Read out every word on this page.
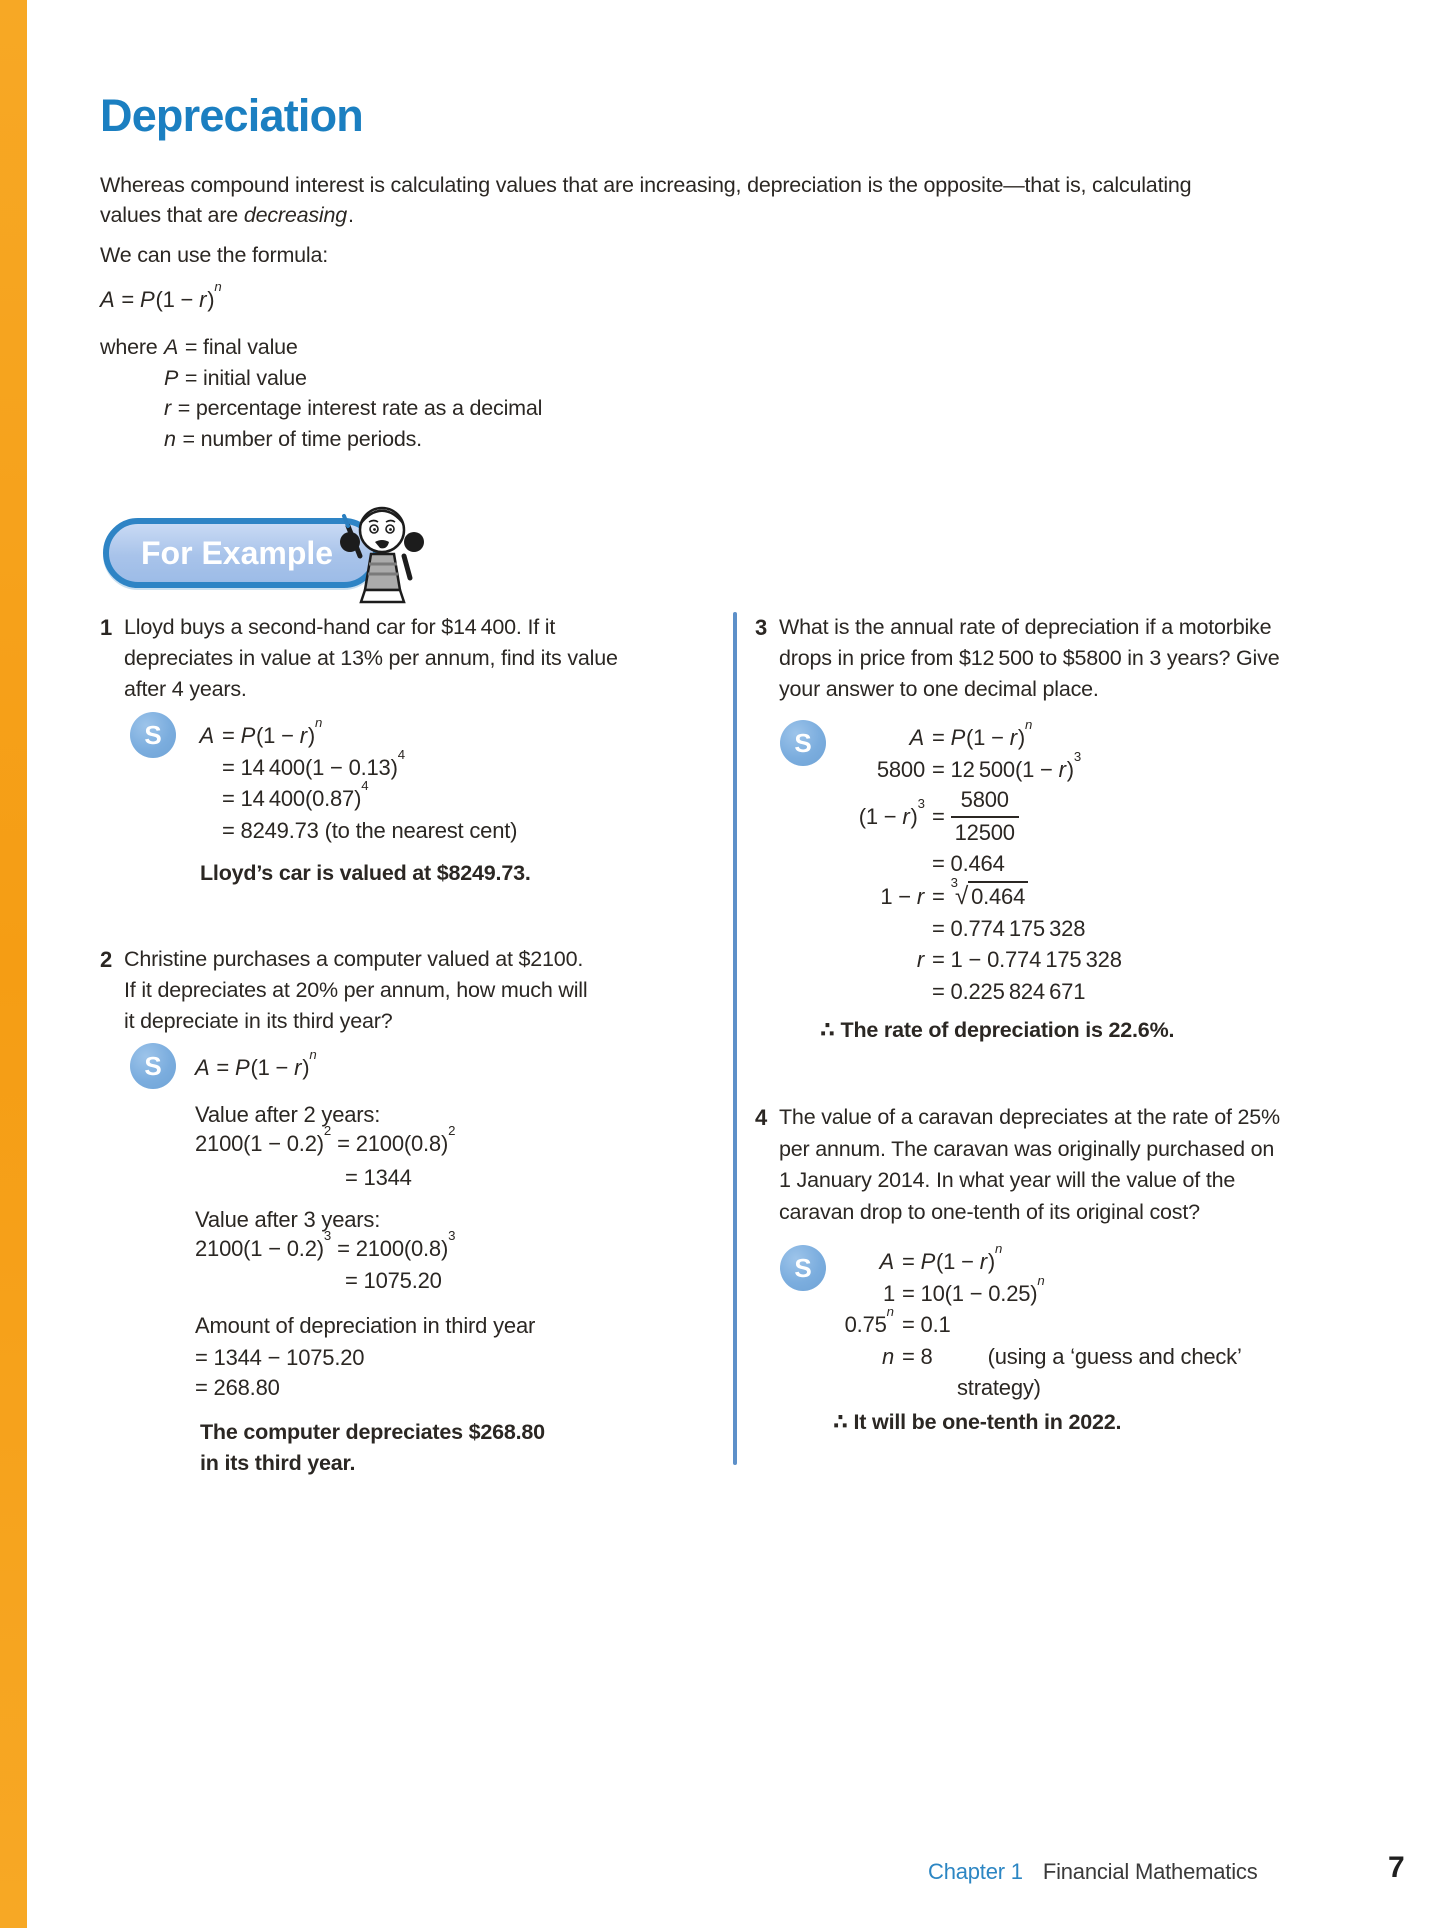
Depreciation
Whereas compound interest is calculating values that are increasing, depreciation is the opposite—that is, calculating
values that are decreasing.
We can use the formula:
$A = P(1 - r)^n$
where A = final value
P = initial value
r = percentage interest rate as a decimal
n = number of time periods.
For Example
1 Lloyd buys a second-hand car for $14 400. If it
depreciates in value at 13% per annum, find its value
after 4 years.
S	$A = P(1 - r)^n$
= 14 $400(1 - 0.13)^4$
= 14 $400(0.87)^4$
= 8249.73 (to the nearest cent)
Lloyd’s car is valued at $8249.73.
2 Christine purchases a computer valued at $2100.
If it depreciates at 20% per annum, how much will
it depreciate in its third year?
S	$A = P(1 - r)^n$
Value after 2 years:
$2100(1 - 0.2)^2 = 2100(0.8)^2$
= 1344
Value after 3 years:
$2100(1 - 0.2)^3 = 2100(0.8)^3$
= 1075.20
Amount of depreciation in third year
= 1344 − 1075.20
= 268.80
The computer depreciates $268.80
in its third year.
3 What is the annual rate of depreciation if a motorbike
drops in price from $12 500 to $5800 in 3 years? Give
your answer to one decimal place.
S	$A = P(1 - r)^n$
5800 = 12 $500(1 - r)^3$
$(1 - r)^3$
= $\frac{5800}{12500}$
= 0.464
1 − r =
$^3$√ 0.464
= 0.774 175 328
r = 1 − 0.774 175 328
= 0.225 824 671
∴ The rate of depreciation is 22.6%.
4 The value of a caravan depreciates at the rate of 25%
per annum. The caravan was originally purchased on
1 January 2014. In what year will the value of the
caravan drop to one-tenth of its original cost?
S	$A = P(1 - r)^n$
$1 = 10(1 - 0.25)^n$
$0.75^n$
= 0.1
n = 8	(using a ‘guess and check’
strategy)
∴ It will be one-tenth in 2022.
Chapter 1 Financial Mathematics	7
